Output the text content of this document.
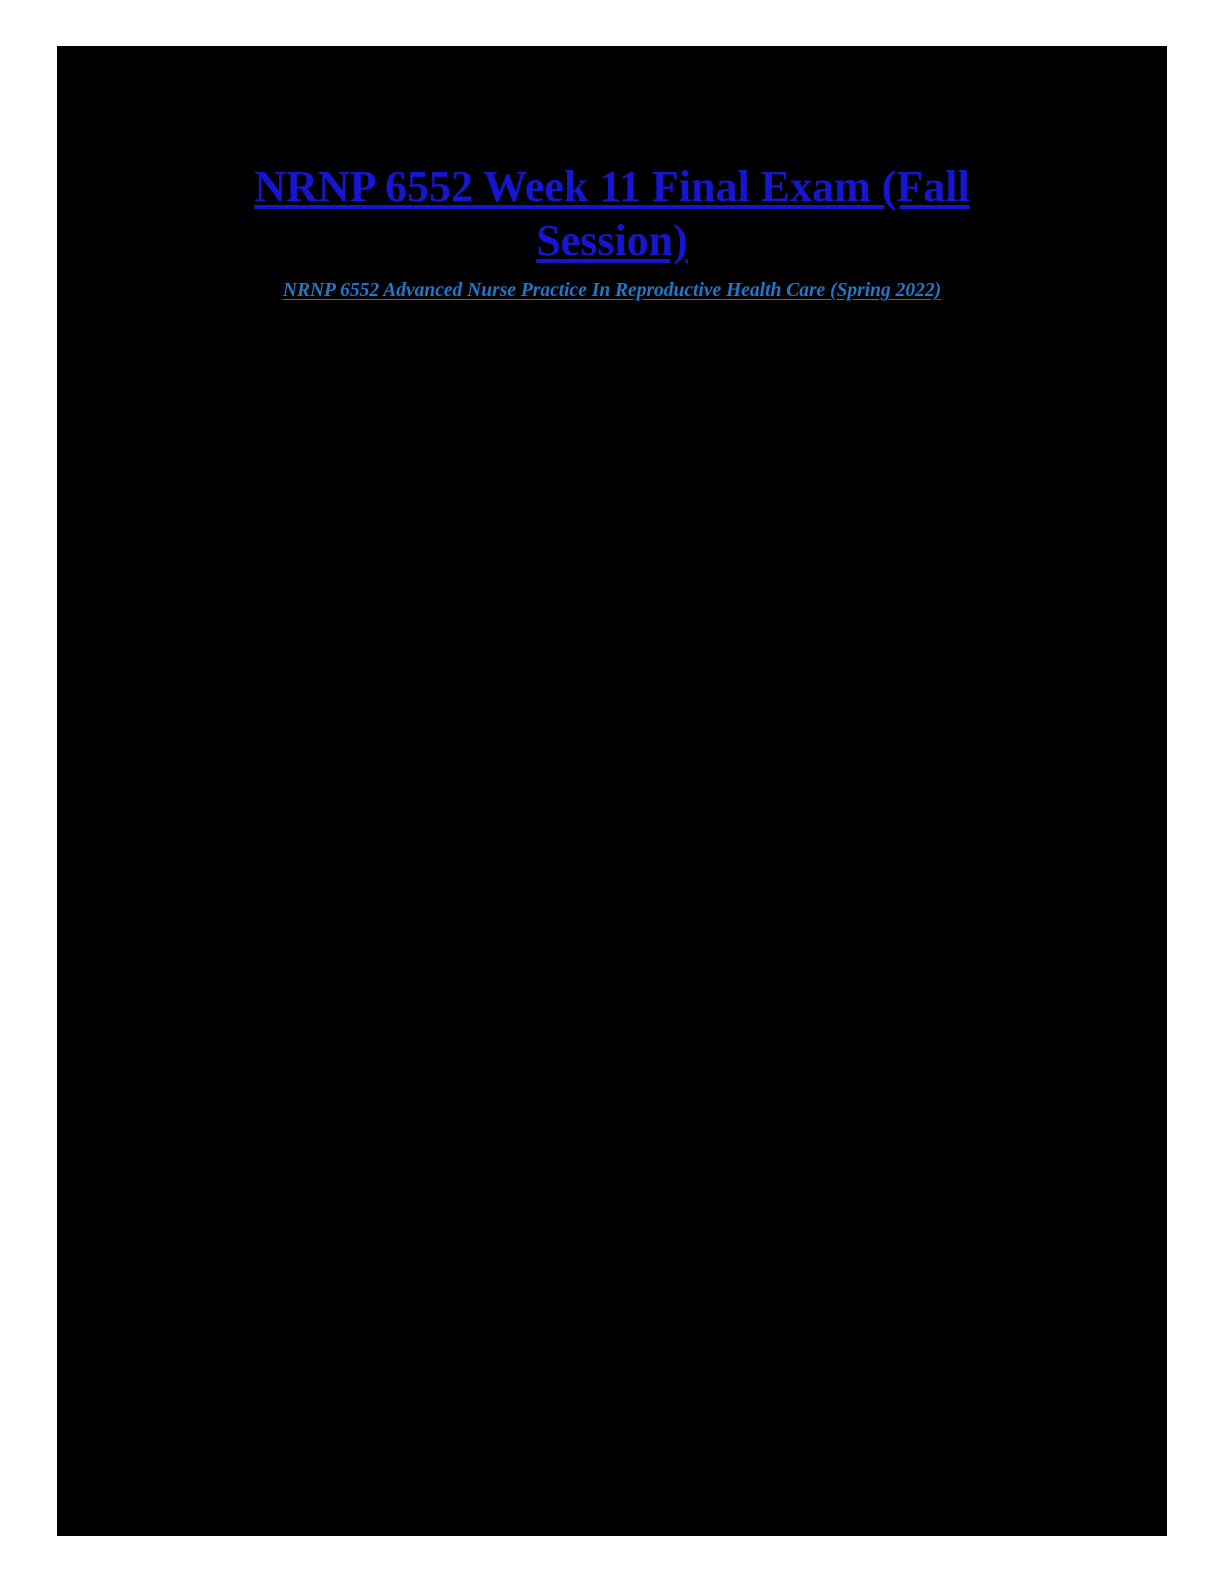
NRNP 6552 Week 11 Final Exam (Fall Session)
NRNP 6552 Advanced Nurse Practice In Reproductive Health Care (Spring 2022)
